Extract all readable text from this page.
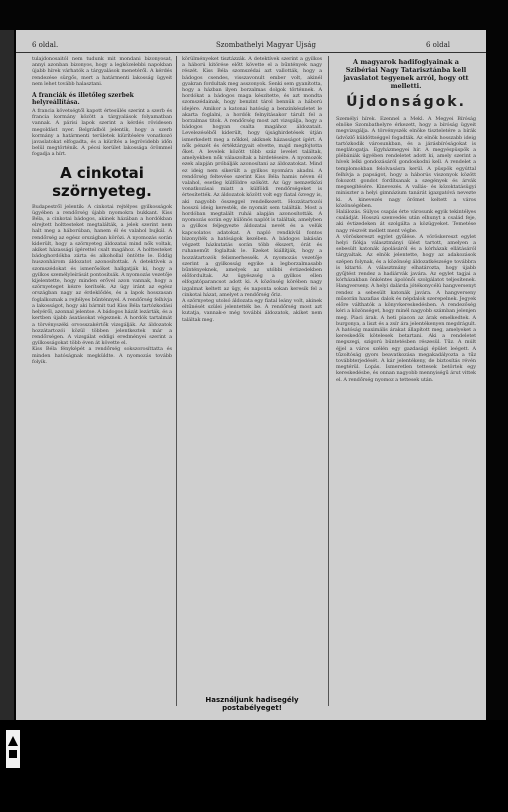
6 oldal.	Szombathelyi Magyar Ujság	6 oldal

tulajdonosaitól nem tudunk mit mondani bizonyosat, annyi azonban bizonyos, hogy a legközelebbi napokban újabb hírek várhatók a tárgyalások menetéről. A kérdés rendezése sürgős, mert a határmenti lakosság ügyeit nem lehet tovább halasztani.

A franciák és illetőleg szerbek helyreállítása.

A francia követségtől kapott értesülés szerint a szerb és francia kormány között a tárgyalások folyamatban vannak. A párisi lapok szerint a kérdés rövidesen megoldást nyer. Belgrádból jelentik, hogy a szerb kormány a határmenti területek kiürítésére vonatkozó javaslatokat elfogadta, és a kiürítés a legrövidebb időn belül megtörténik. A pécsi kerület lakossága örömmel fogadja a hírt.

A cinkotai szörnyeteg.

Budapestről jelentik: A cinkotai rejtélyes gyilkosságok ügyében a rendőrség újabb nyomokra bukkant. Kiss Béla, a cinkotai bádogos, akinek házában a hordókban elrejtett holttesteket megtalálták, a jelek szerint nem halt meg a háborúban, hanem él és valahol bujkál. A rendőrség az egész országban körözi. A nyomozás során kiderült, hogy a szörnyeteg áldozatai mind nők voltak, akiket házassági ígérettel csalt magához. A holttesteket bádoghordókba zárta és alkohollal öntötte le. Eddig huszonhárom áldozatot azonosítottak. A detektívek a szomszédokat és ismerősöket hallgatják ki, hogy a gyilkos személyleírását pontosítsák. A nyomozás vezetője kijelentette, hogy minden erővel azon vannak, hogy a szörnyeteget kézre kerítsék. Az ügy iránt az egész országban nagy az érdeklődés, és a lapok hosszasan foglalkoznak a rejtélyes bűnténnyel. A rendőrség felhívja a lakosságot, hogy aki bármit tud Kiss Béla tartózkodási helyéről, azonnal jelentse. A bádogos házát lezárták, és a kertben újabb ásatásokat végeznek. A hordók tartalmát a törvényszéki orvosszakértők vizsgálják. Az áldozatok hozzátartozói közül többen jelentkeztek már a rendőrségen. A vizsgálat eddigi eredményei szerint a gyilkosságokat több éven át követte el.

Kiss Béla fényképét a rendőrség sokszorosíttatta és minden hatóságnak megküldte. A nyomozás tovább folyik.

körülményeket tisztázzák. A detektívek szerint a gyilkos a háború kitörése előtt követte el a bűntények nagy részét. Kiss Béla szomszédai azt vallották, hogy a bádogos csendes, visszavonult ember volt, akinél gyakran fordultak meg asszonyok. Senki sem gyanította, hogy a házban ilyen borzalmas dolgok történnek. A hordókat a bádogos maga készítette, és azt mondta szomszédainak, hogy benzint tárol bennük a háború idejére. Amikor a katonai hatóság a benzinkészletet le akarta foglalni, a hordók felnyitásakor tárult fel a borzalmas titok. A rendőrség most azt vizsgálja, hogy a bádogos hogyan csalta magához áldozatait. Levelezéséből kiderült, hogy újsághirdetések útján ismerkedett meg a nőkkel, akiknek házasságot ígért. A nők pénzét és értéktárgyait elvette, majd megfojtotta őket. A levelek között több száz levelet találtak, amelyekben nők válaszoltak a hirdetéseire. A nyomozók ezek alapján próbálják azonosítani az áldozatokat. Mind ez ideig nem sikerült a gyilkos nyomára akadni. A rendőrség feltevése szerint Kiss Béla hamis néven él valahol, esetleg külföldre szökött. Az ügy nemzetközi vonatkozásai miatt a külföldi rendőrségeket is értesítették. Az áldozatok között volt egy fiatal özvegy is, aki nagyobb összeggel rendelkezett. Hozzátartozói hosszú ideig keresték, de nyomát sem találták. Most a hordóban megtalált ruhái alapján azonosították. A nyomozás során egy különös naplót is találtak, amelyben a gyilkos feljegyezte áldozatai nevét és a velük kapcsolatos adatokat. A napló rendkívül fontos bizonyíték a hatóságok kezében. A bádogos lakásán végzett házkutatás során több ékszert, órát és ruhaneműt foglaltak le. Ezeket kiállítják, hogy a hozzátartozók felismerhessék. A nyomozás vezetője szerint a gyilkosság egyike a legborzalmasabb bűntényeknek, amelyek az utóbbi évtizedekben előfordultak. Az ügyészség a gyilkos ellen elfogatóparancsot adott ki. A közönség körében nagy izgalmat keltett az ügy, és naponta sokan keresik fel a cinkotai házat, amelyet a rendőrség őriz.

A szörnyeteg utolsó áldozata egy fiatal leány volt, akinek eltűnését szülei jelentették be. A rendőrség most azt kutatja, vannak-e még további áldozatok, akiket nem találtak meg.

Használjunk hadisegély postabélyeget!

A magyarok hadifoglyainak a Szibériai Nagy Tatarisztánba kell javaslatot tegyenek arról, hogy ott melletti.

Újdonságok.

Személyi hírek. Ezennel a Mekl. A Megyei Bíróság elnöke Szombathelyre érkezett, hogy a bíróság ügyeit megvizsgálja. A törvényszék elnöke tiszteletére a bírák üdvözlő küldöttséggel fogadták. Az elnök hosszabb ideig tartózkodik városunkban, és a járásbíróságokat is meglátogatja. Egyházmegyei hír. A megyéspüspök a plébániák ügyében rendeletet adott ki, amely szerint a hívek lelki gondozásáról gondoskodni kell. A rendelet a templomokban felolvasásra kerül. A püspök egyúttal felhívja a papságot, hogy a háborús viszonyok között fokozott gondot fordítsanak a szegények és árvák megsegítésére. Kinevezés. A vallás- és közoktatásügyi miniszter a helyi gimnázium tanárát igazgatóvá nevezte ki. A kinevezés nagy örömet keltett a város közönségében.

Halálozás. Súlyos csapás érte városunk egyik tekintélyes családját. Hosszú szenvedés után elhunyt a család feje, aki évtizedeken át szolgálta a közügyeket. Temetése nagy részvét mellett ment végbe.

A vöröskereszt egylet gyűlése. A vöröskereszt egylet helyi fiókja választmányi ülést tartott, amelyen a sebesült katonák ápolásáról és a kórházak ellátásáról tárgyaltak. Az elnök jelentette, hogy az adakozások szépen folynak, és a közönség áldozatkészsége továbbra is kitartó. A választmány elhatározta, hogy újabb gyűjtést rendez a hadiárvák javára. Az egylet tagjai a kórházakban önkéntes ápolónői szolgálatot teljesítenek. Hangverseny. A helyi dalárda jótékonycélú hangversenyt rendez a sebesült katonák javára. A hangverseny műsorán hazafias dalok és népdalok szerepelnek. Jegyek előre válthatók a könyvkereskedésben. A rendezőség kéri a közönséget, hogy minél nagyobb számban jelenjen meg. Piaci árak. A heti piacon az árak emelkedtek. A burgonya, a liszt és a zsír ára jelentékenyen megdrágult. A hatóság maximális árakat állapított meg, amelyeket a kereskedők kötelesek betartani. Aki a rendeletet megszegi, szigorú büntetésben részesül. Tűz. A múlt éjjel a város szélén egy gazdasági épület leégett. A tűzoltóság gyors beavatkozása megakadályozta a tűz továbbterjedését. A kár jelentékeny, de biztosítás révén megtérül. Lopás. Ismeretlen tettesek betörtek egy kereskedésbe, és onnan nagyobb mennyiségű árut vittek el. A rendőrség nyomoz a tettesek után.
